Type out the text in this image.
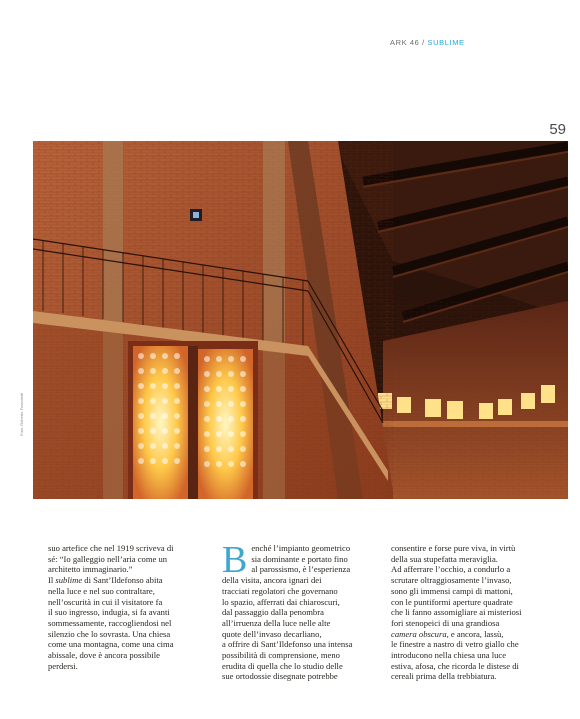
ARK 46 / SUBLIME
59
Foto: Roberto Fraschetti

suo artefice che nel 1919 scriveva di
sé: “Io galleggio nell’aria come un
architetto immaginario.”

Il sublime di Sant’Ildefonso abita
nella luce e nel suo contraltare,
nell’oscurità in cui il visitatore fa
il suo ingresso, indugia, si fa avanti
sommessamente, raccogliendosi nel
silenzio che lo sovrasta. Una chiesa
come una montagna, come una cima
abissale, dove è ancora possibile
perdersi.

B enché l’impianto geometrico
sia dominante e portato fino
al parossismo, è l’esperienza
della visita, ancora ignari dei
tracciati regolatori che governano
lo spazio, afferrati dai chiaroscuri,
dal passaggio dalla penombra
all’irruenza della luce nelle alte
quote dell’invaso decarliano,
a offrire di Sant’Ildefonso una intensa
possibilità di comprensione, meno
erudita di quella che lo studio delle
sue ortodossie disegnate potrebbe

consentire e forse pure viva, in virtù
della sua stupefatta meraviglia.
Ad afferrare l’occhio, a condurlo a
scrutare oltraggiosamente l’invaso,
sono gli immensi campi di mattoni,
con le puntiformi aperture quadrate
che li fanno assomigliare ai misteriosi
fori stenopeici di una grandiosa
camera obscura, e ancora, lassù,
le finestre a nastro di vetro giallo che
introducono nella chiesa una luce
estiva, afosa, che ricorda le distese di
cereali prima della trebbiatura.
